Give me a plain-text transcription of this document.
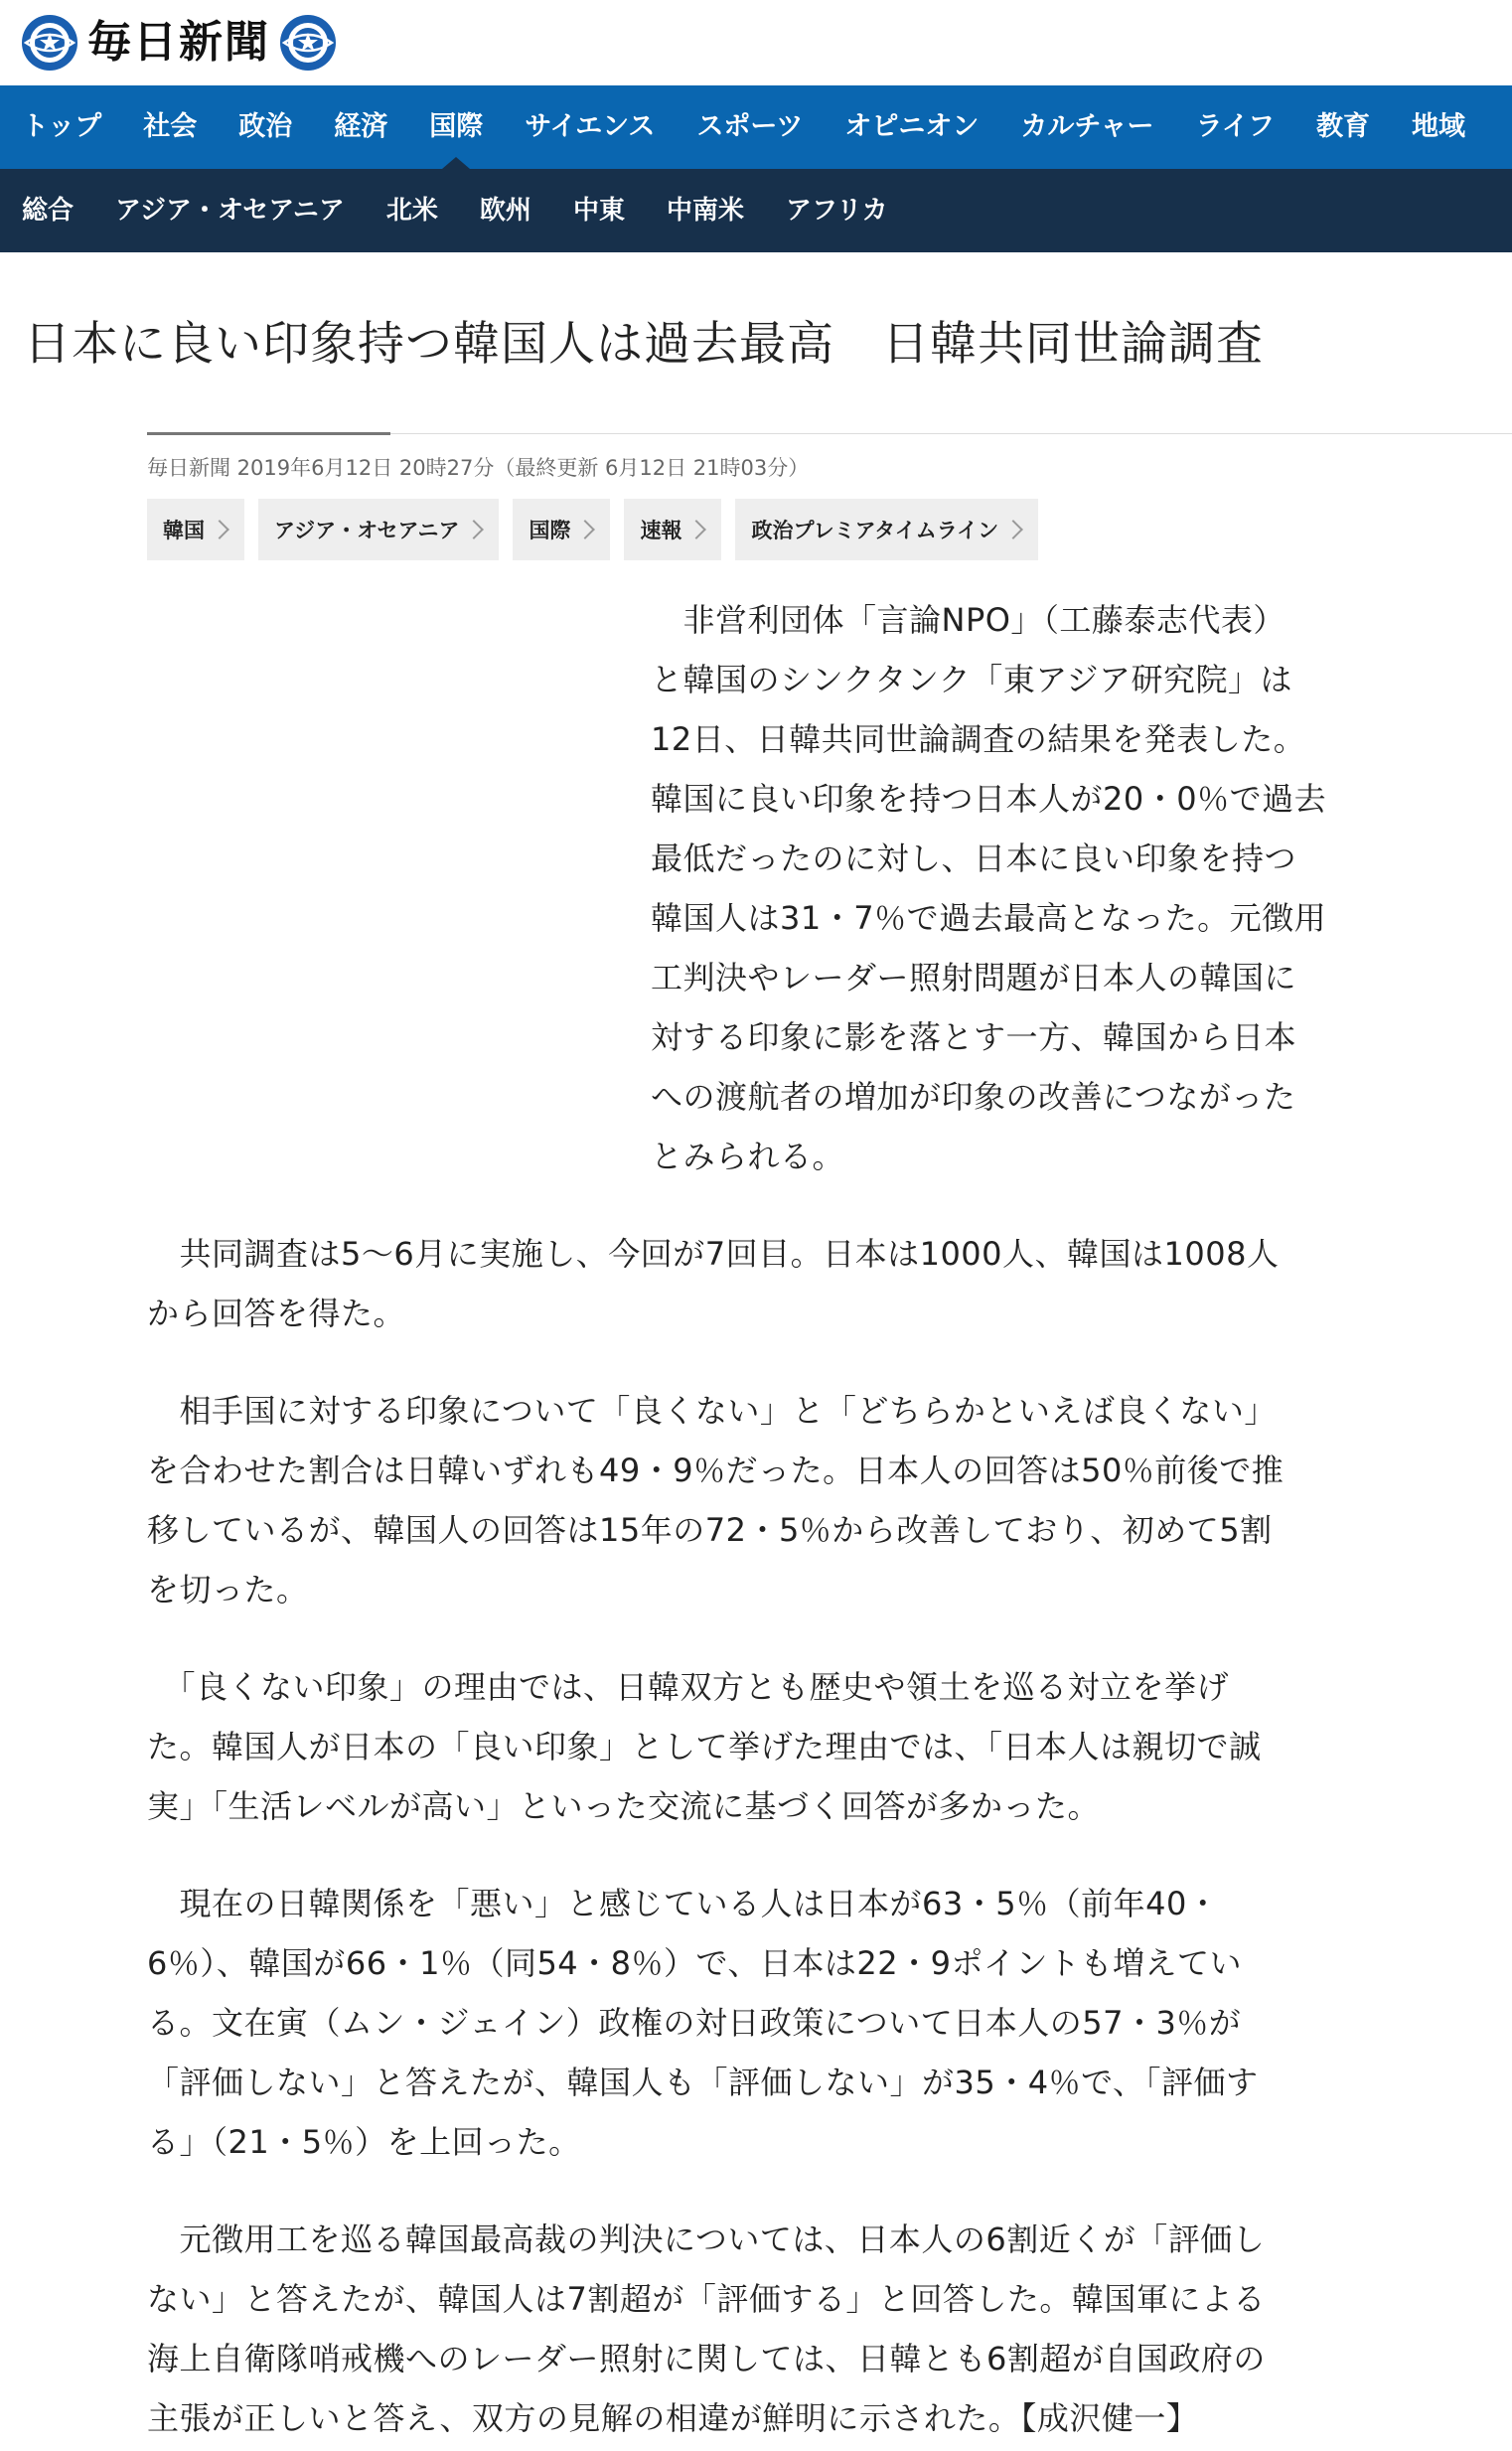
毎日新聞
トップ 社会 政治 経済 国際 サイエンス スポーツ オピニオン カルチャー ライフ 教育 地域
総合 アジア・オセアニア 北米 欧州 中東 中南米 アフリカ
日本に良い印象持つ韓国人は過去最高　日韓共同世論調査
毎日新聞 2019年6月12日 20時27分（最終更新 6月12日 21時03分）
韓国	アジア・オセアニア	国際	速報	政治プレミアタイムライン

　非営利団体「言論NPO」（工藤泰志代表）
と韓国のシンクタンク「東アジア研究院」は
12日、日韓共同世論調査の結果を発表した。
韓国に良い印象を持つ日本人が20・0％で過去
最低だったのに対し、日本に良い印象を持つ
韓国人は31・7％で過去最高となった。元徴用
工判決やレーダー照射問題が日本人の韓国に
対する印象に影を落とす一方、韓国から日本
への渡航者の増加が印象の改善につながった
とみられる。

　共同調査は5～6月に実施し、今回が7回目。日本は1000人、韓国は1008人
から回答を得た。

　相手国に対する印象について「良くない」と「どちらかといえば良くない」
を合わせた割合は日韓いずれも49・9％だった。日本人の回答は50％前後で推
移しているが、韓国人の回答は15年の72・5％から改善しており、初めて5割
を切った。

　「良くない印象」の理由では、日韓双方とも歴史や領土を巡る対立を挙げ
た。韓国人が日本の「良い印象」として挙げた理由では、「日本人は親切で誠
実」「生活レベルが高い」といった交流に基づく回答が多かった。

　現在の日韓関係を「悪い」と感じている人は日本が63・5％（前年40・
6％）、韓国が66・1％（同54・8％）で、日本は22・9ポイントも増えてい
る。文在寅（ムン・ジェイン）政権の対日政策について日本人の57・3％が
「評価しない」と答えたが、韓国人も「評価しない」が35・4％で、「評価す
る」（21・5％）を上回った。

　元徴用工を巡る韓国最高裁の判決については、日本人の6割近くが「評価し
ない」と答えたが、韓国人は7割超が「評価する」と回答した。韓国軍による
海上自衛隊哨戒機へのレーダー照射に関しては、日韓とも6割超が自国政府の
主張が正しいと答え、双方の見解の相違が鮮明に示された。【成沢健一】
